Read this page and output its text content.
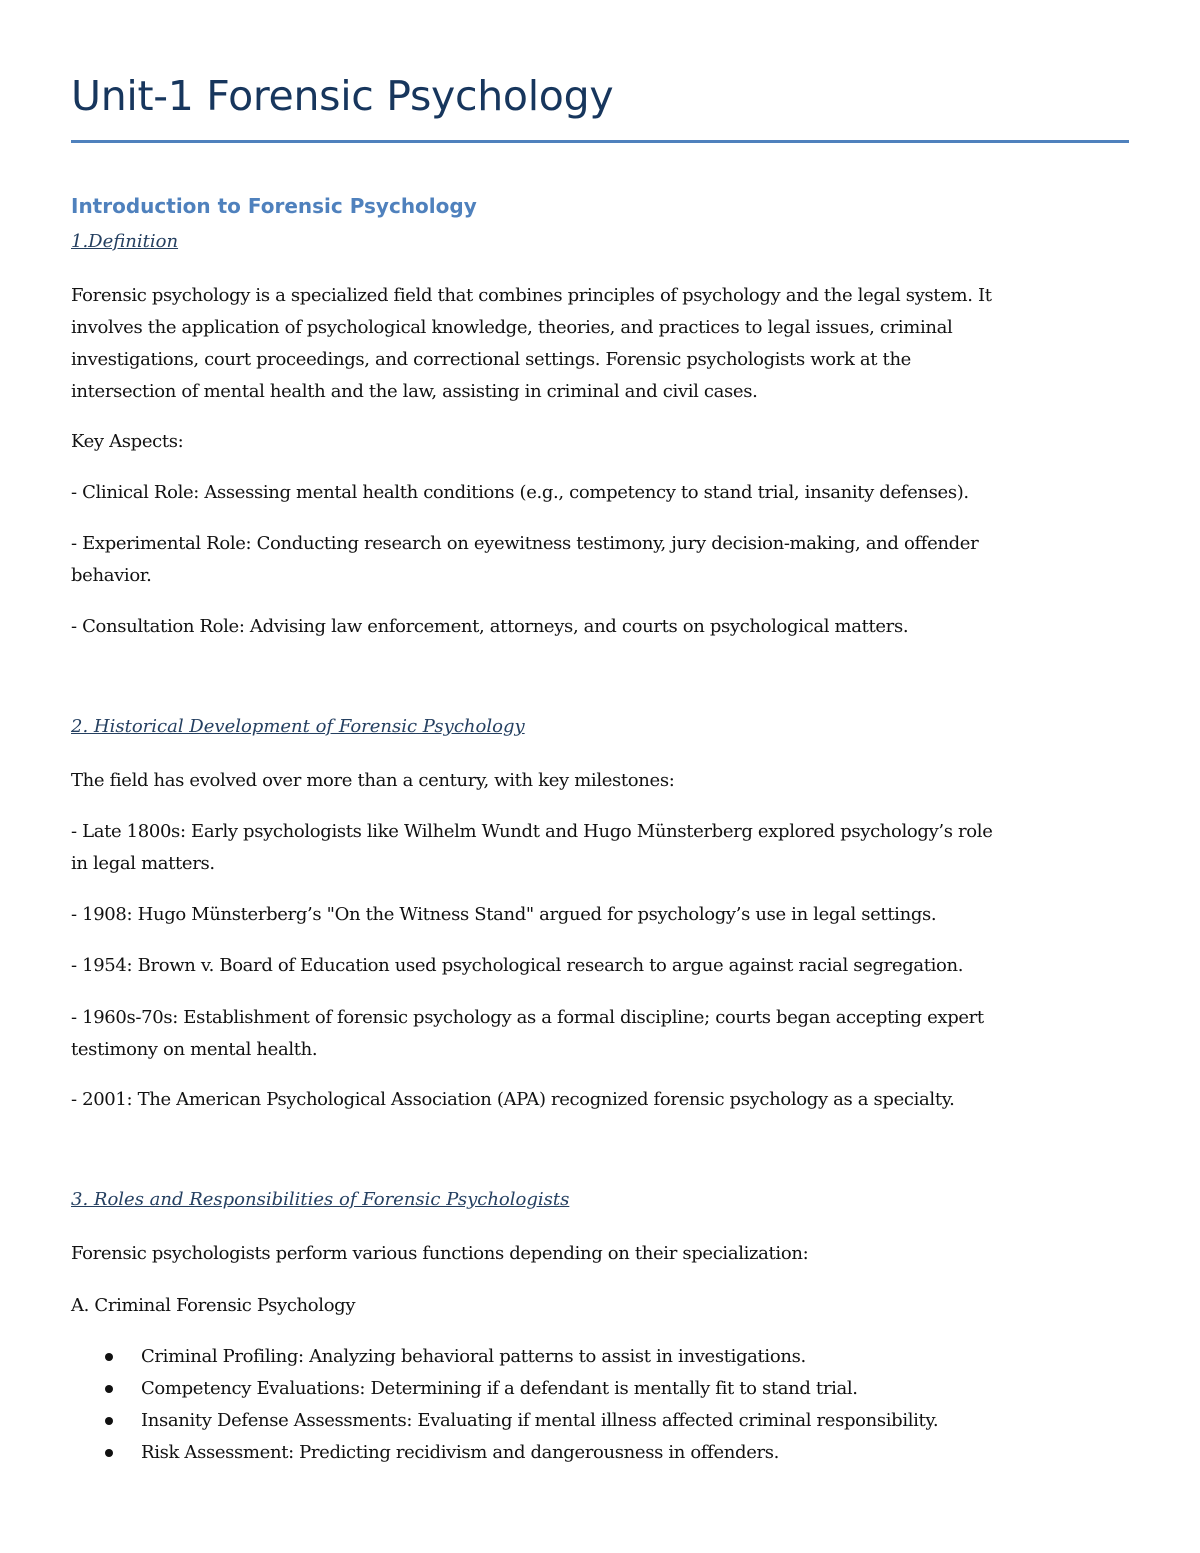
Unit-1 Forensic Psychology
Introduction to Forensic Psychology
1.Definition

Forensic psychology is a specialized field that combines principles of psychology and the legal system. It
involves the application of psychological knowledge, theories, and practices to legal issues, criminal
investigations, court proceedings, and correctional settings. Forensic psychologists work at the
intersection of mental health and the law, assisting in criminal and civil cases.

Key Aspects:

- Clinical Role: Assessing mental health conditions (e.g., competency to stand trial, insanity defenses).

- Experimental Role: Conducting research on eyewitness testimony, jury decision-making, and offender
behavior.

- Consultation Role: Advising law enforcement, attorneys, and courts on psychological matters.

2. Historical Development of Forensic Psychology

The field has evolved over more than a century, with key milestones:

- Late 1800s: Early psychologists like Wilhelm Wundt and Hugo Münsterberg explored psychology’s role
in legal matters.

- 1908: Hugo Münsterberg’s "On the Witness Stand" argued for psychology’s use in legal settings.

- 1954: Brown v. Board of Education used psychological research to argue against racial segregation.

- 1960s-70s: Establishment of forensic psychology as a formal discipline; courts began accepting expert
testimony on mental health.

- 2001: The American Psychological Association (APA) recognized forensic psychology as a specialty.

3. Roles and Responsibilities of Forensic Psychologists

Forensic psychologists perform various functions depending on their specialization:

A. Criminal Forensic Psychology

Criminal Profiling: Analyzing behavioral patterns to assist in investigations.
Competency Evaluations: Determining if a defendant is mentally fit to stand trial.
Insanity Defense Assessments: Evaluating if mental illness affected criminal responsibility.
Risk Assessment: Predicting recidivism and dangerousness in offenders.
